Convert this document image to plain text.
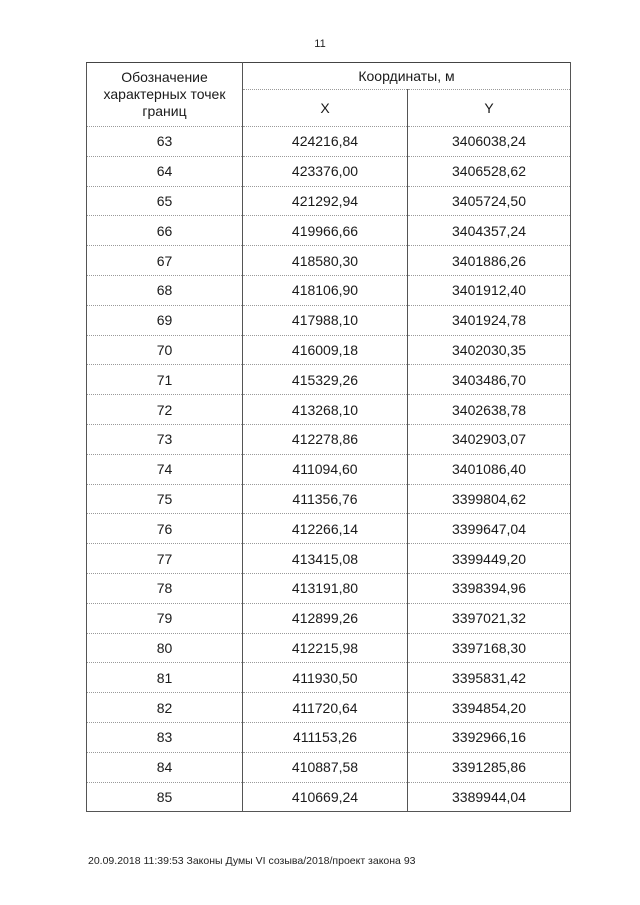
11
Обозначение характерных точек границ	Координаты, м	
	X	Y
63	424216,84	3406038,24
64	423376,00	3406528,62
65	421292,94	3405724,50
66	419966,66	3404357,24
67	418580,30	3401886,26
68	418106,90	3401912,40
69	417988,10	3401924,78
70	416009,18	3402030,35
71	415329,26	3403486,70
72	413268,10	3402638,78
73	412278,86	3402903,07
74	411094,60	3401086,40
75	411356,76	3399804,62
76	412266,14	3399647,04
77	413415,08	3399449,20
78	413191,80	3398394,96
79	412899,26	3397021,32
80	412215,98	3397168,30
81	411930,50	3395831,42
82	411720,64	3394854,20
83	411153,26	3392966,16
84	410887,58	3391285,86
85	410669,24	3389944,04
20.09.2018 11:39:53 Законы Думы VI созыва/2018/проект закона 93
